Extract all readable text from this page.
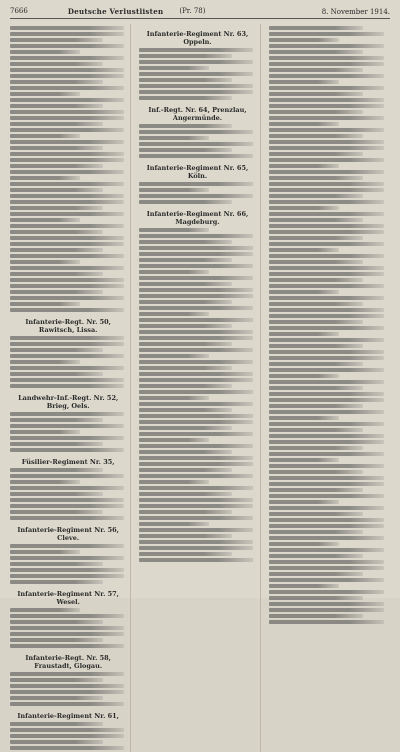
7666	Deutsche Verlustlisten (Pr. 78)	8. November 1914.
Infanterie-Regt. Nr. 50, Rawitsch, Lissa.
Landwehr-Inf.-Regt. Nr. 52, Brieg, Oels.
Füsilier-Regiment Nr. 35,
Infanterie-Regiment Nr. 56, Cleve.
Infanterie-Regiment Nr. 57, Wesel.
Infanterie-Regt. Nr. 58, Fraustadt, Glogau.
Infanterie-Regiment Nr. 61,
Infanterie-Regiment Nr. 63, Oppeln.
Inf.-Regt. Nr. 64, Prenzlau, Angermünde.
Infanterie-Regiment Nr. 65, Köln.
Infanterie-Regiment Nr. 66, Magdeburg.
